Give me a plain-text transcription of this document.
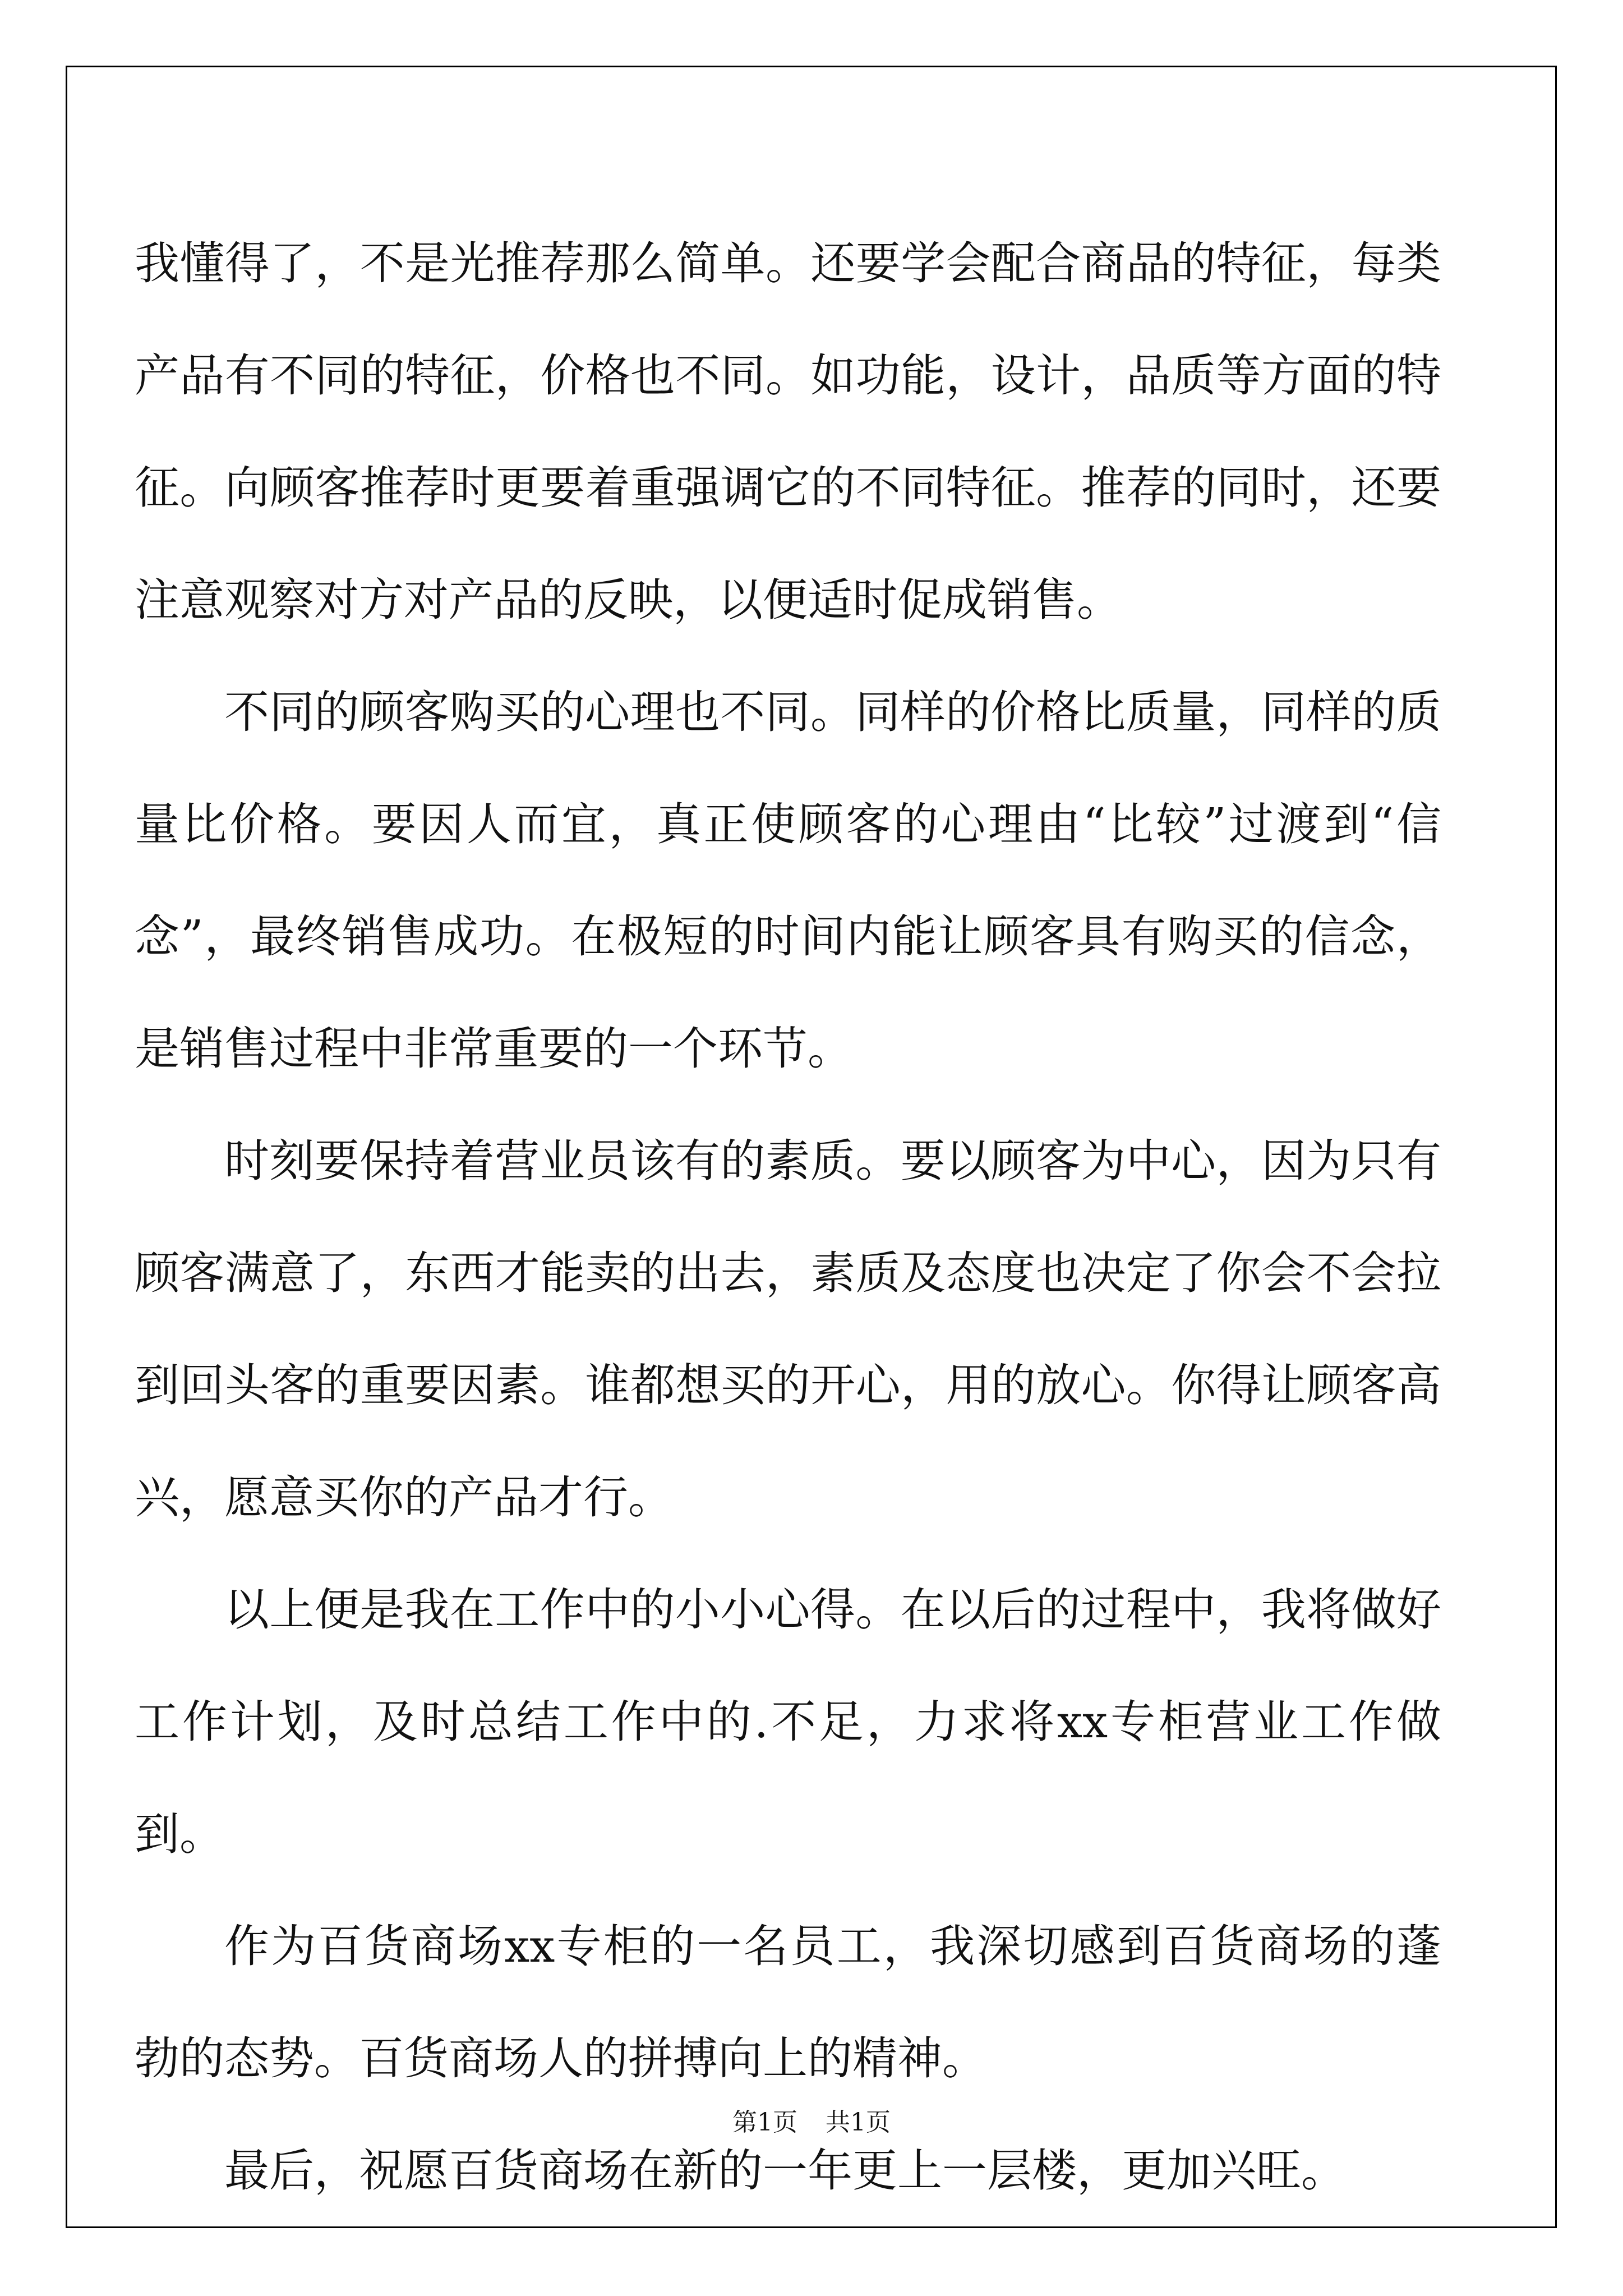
我懂得了，不是光推荐那么简单。还要学会配合商品的特征，每类产品有不同的特征，价格也不同。如功能，设计，品质等方面的特征。向顾客推荐时更要着重强调它的不同特征。推荐的同时，还要注意观察对方对产品的反映，以便适时促成销售。

不同的顾客购买的心理也不同。同样的价格比质量，同样的质量比价格。要因人而宜，真正使顾客的心理由“比较”过渡到“信念”，最终销售成功。在极短的时间内能让顾客具有购买的信念，是销售过程中非常重要的一个环节。

时刻要保持着营业员该有的素质。要以顾客为中心，因为只有顾客满意了，东西才能卖的出去，素质及态度也决定了你会不会拉到回头客的重要因素。谁都想买的开心，用的放心。你得让顾客高兴，愿意买你的产品才行。

以上便是我在工作中的小小心得。在以后的过程中，我将做好工作计划，及时总结工作中的.不足，力求将xx专柜营业工作做到。

作为百货商场xx专柜的一名员工，我深切感到百货商场的蓬勃的态势。百货商场人的拼搏向上的精神。

最后，祝愿百货商场在新的一年更上一层楼，更加兴旺。

第1页 共1页
